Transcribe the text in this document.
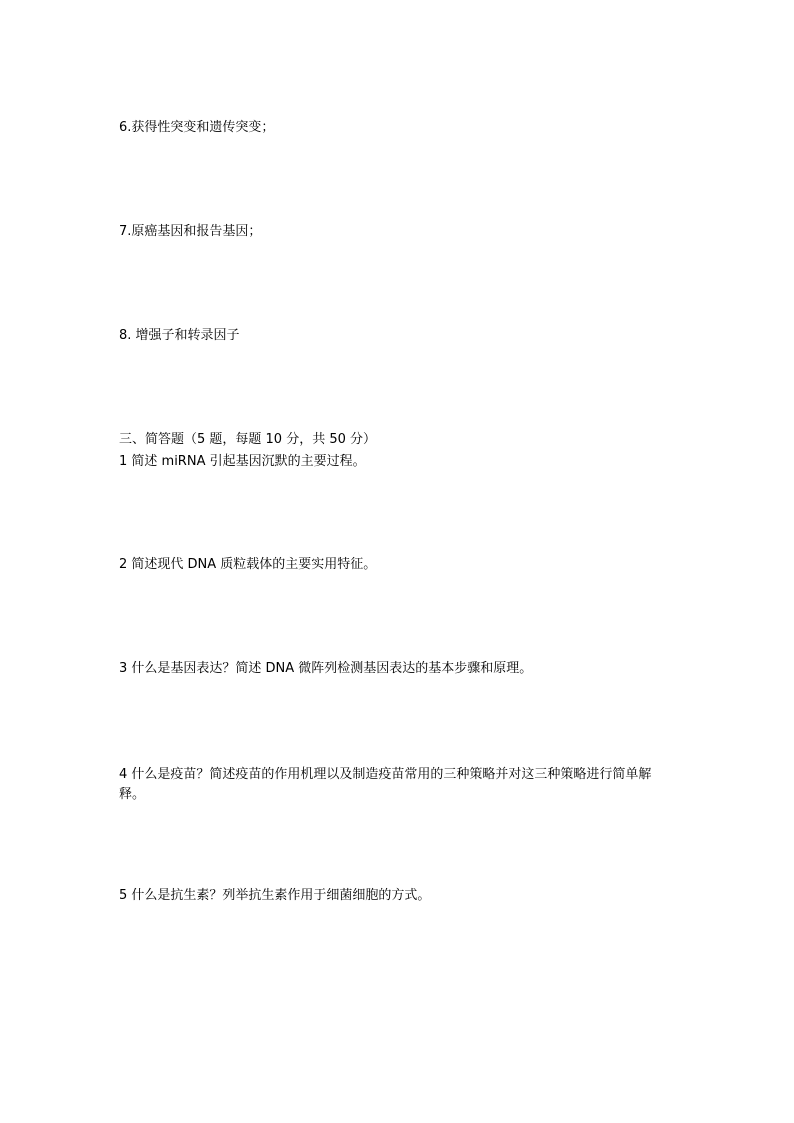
6.获得性突变和遗传突变；
7.原癌基因和报告基因；
8. 增强子和转录因子
三、简答题（5 题，每题 10 分，共 50 分）
1 简述 miRNA 引起基因沉默的主要过程。
2 简述现代 DNA 质粒载体的主要实用特征。
3 什么是基因表达？简述 DNA 微阵列检测基因表达的基本步骤和原理。
4 什么是疫苗？简述疫苗的作用机理以及制造疫苗常用的三种策略并对这三种策略进行简单解释。
5 什么是抗生素？列举抗生素作用于细菌细胞的方式。
